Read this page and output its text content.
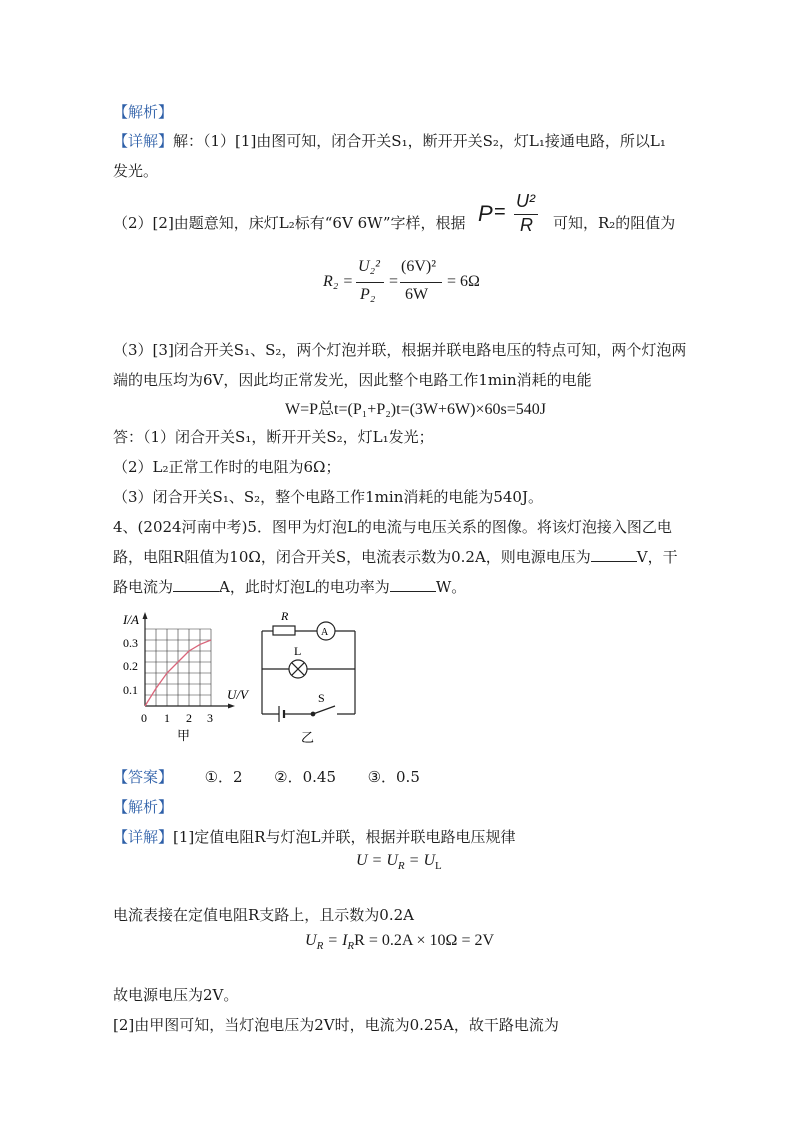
【解析】
【详解】解：（1）[1]由图可知，闭合开关S₁，断开开关S₂，灯L₁接通电路，所以L₁
发光。
（2）[2]由题意知，床灯L₂标有“6V 6W”字样，根据 P = U²
R 可知，R₂的阻值为
R₂ =
U₂²
P₂
=
(6V)²
6W
= 6Ω
（3）[3]闭合开关S₁、S₂，两个灯泡并联，根据并联电路电压的特点可知，两个灯泡两
端的电压均为6V，因此均正常发光，因此整个电路工作1min消耗的电能
W=P总t=(P₁+P₂)t=(3W+6W)×60s=540J
答：（1）闭合开关S₁，断开开关S₂，灯L₁发光；
（2）L₂正常工作时的电阻为6Ω；
（3）闭合开关S₁、S₂，整个电路工作1min消耗的电能为540J。
4、(2024河南中考)5．图甲为灯泡L的电流与电压关系的图像。将该灯泡接入图乙电
路，电阻R阻值为10Ω，闭合开关S，电流表示数为0.2A，则电源电压为	V，干
路电流为	A，此时灯泡L的电功率为	W。
I/A
U/V
0.1
0.2
0.3
0 1 2 3
甲
R
A
L
S
乙
【答案】 ①．2 ②．0.45 ③．0.5
【解析】
【详解】[1]定值电阻R与灯泡L并联，根据并联电路电压规律
$U = U_R = U_L$
电流表接在定值电阻R支路上，且示数为0.2A
$U_R = I_RR = 0.2A \times 10\Omega = 2V$
故电源电压为2V。
[2]由甲图可知，当灯泡电压为2V时，电流为0.25A，故干路电流为
